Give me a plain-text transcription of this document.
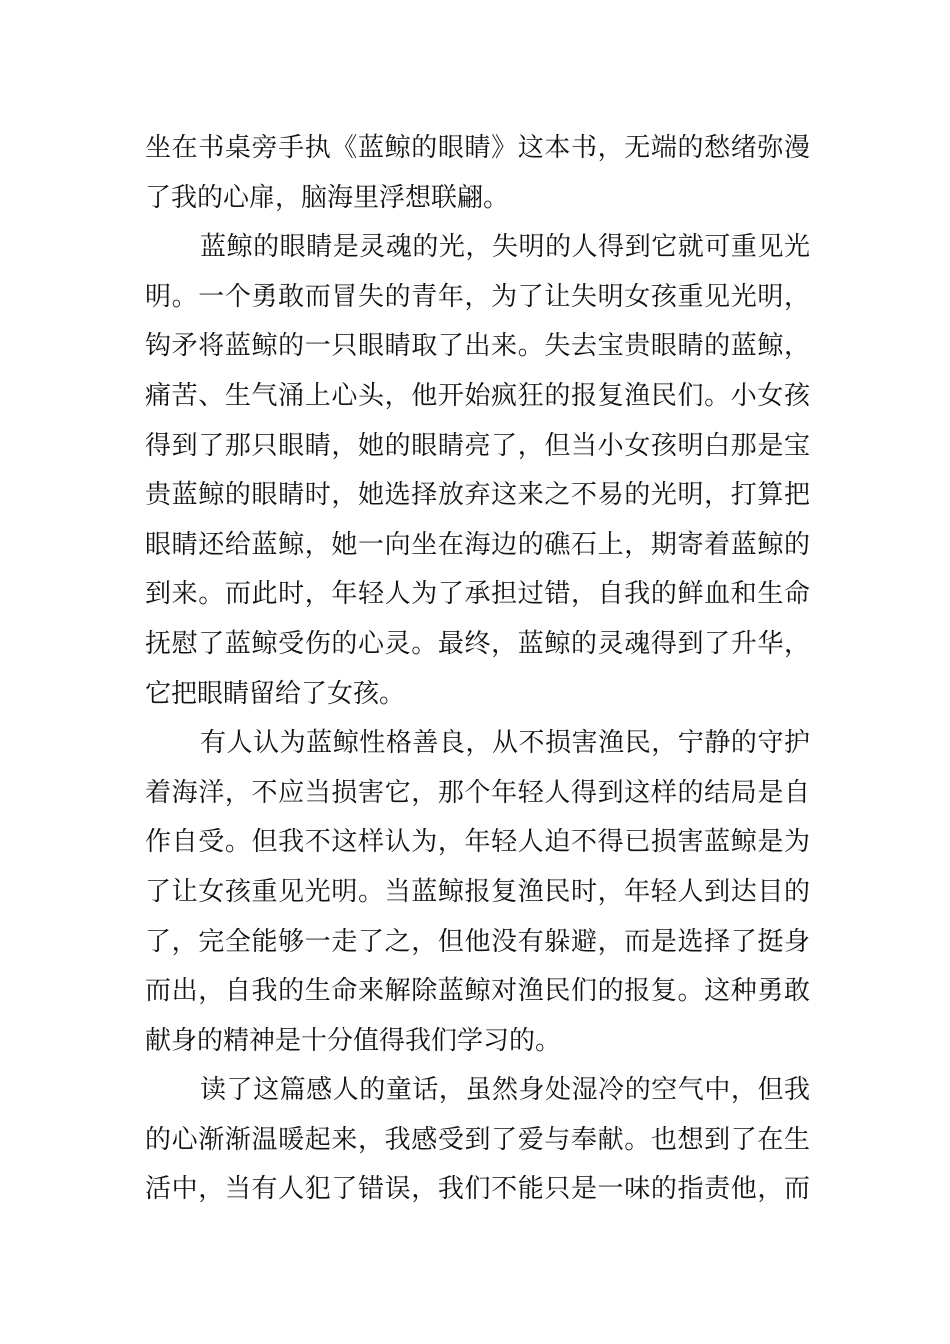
坐在书桌旁手执《蓝鲸的眼睛》这本书，无端的愁绪弥漫
了我的心扉，脑海里浮想联翩。
蓝鲸的眼睛是灵魂的光，失明的人得到它就可重见光
明。一个勇敢而冒失的青年，为了让失明女孩重见光明，
钩矛将蓝鲸的一只眼睛取了出来。失去宝贵眼睛的蓝鲸，
痛苦、生气涌上心头，他开始疯狂的报复渔民们。小女孩
得到了那只眼睛，她的眼睛亮了，但当小女孩明白那是宝
贵蓝鲸的眼睛时，她选择放弃这来之不易的光明，打算把
眼睛还给蓝鲸，她一向坐在海边的礁石上，期寄着蓝鲸的
到来。而此时，年轻人为了承担过错，自我的鲜血和生命
抚慰了蓝鲸受伤的心灵。最终，蓝鲸的灵魂得到了升华，
它把眼睛留给了女孩。
有人认为蓝鲸性格善良，从不损害渔民，宁静的守护
着海洋，不应当损害它，那个年轻人得到这样的结局是自
作自受。但我不这样认为，年轻人迫不得已损害蓝鲸是为
了让女孩重见光明。当蓝鲸报复渔民时，年轻人到达目的
了，完全能够一走了之，但他没有躲避，而是选择了挺身
而出，自我的生命来解除蓝鲸对渔民们的报复。这种勇敢
献身的精神是十分值得我们学习的。
读了这篇感人的童话，虽然身处湿冷的空气中，但我
的心渐渐温暖起来，我感受到了爱与奉献。也想到了在生
活中，当有人犯了错误，我们不能只是一味的指责他，而
